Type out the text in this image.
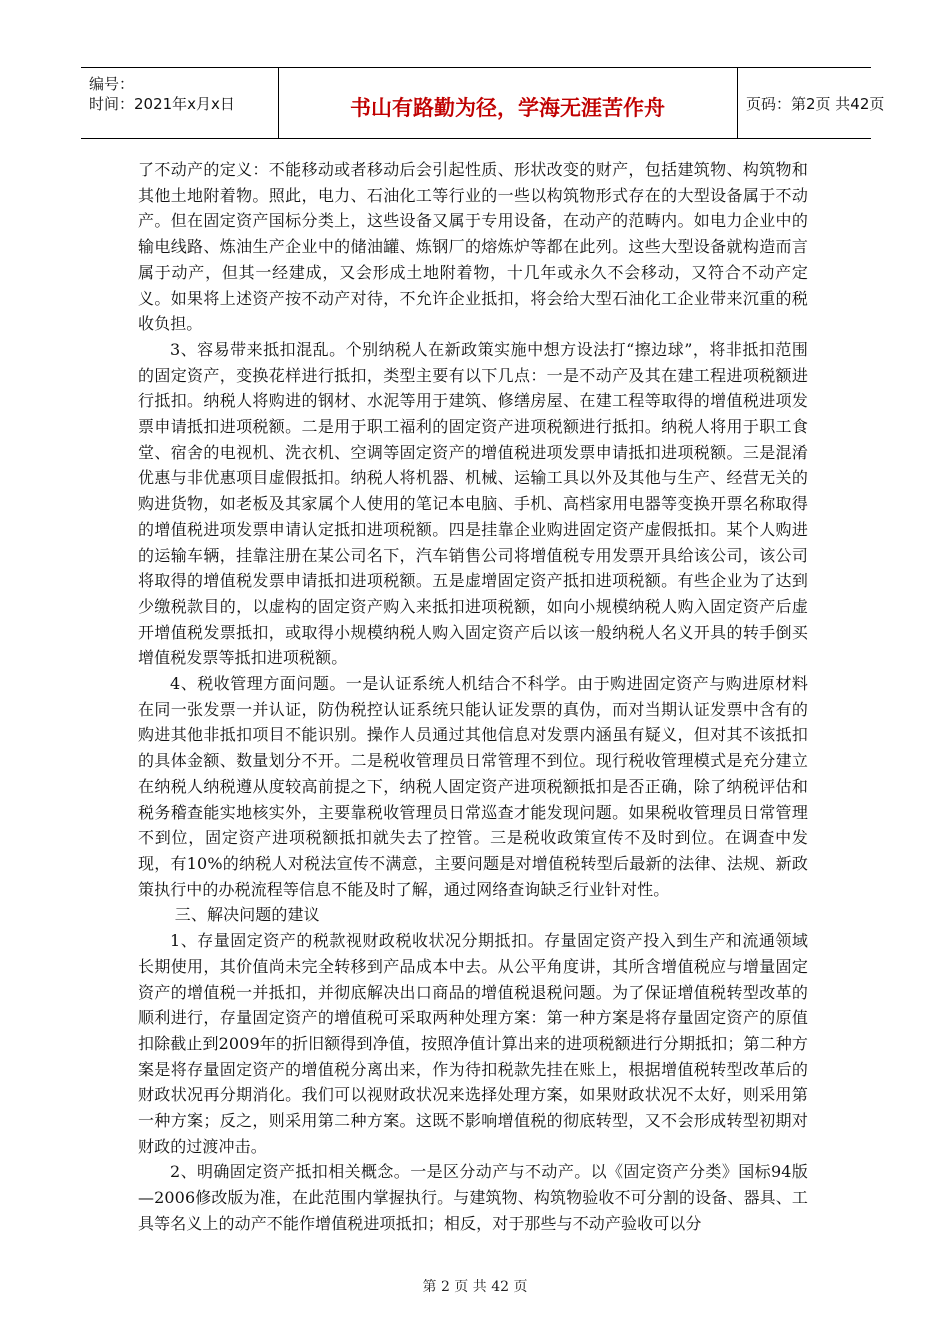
编号：
时间：2021年x月x日	书山有路勤为径，学海无涯苦作舟	页码：第2页 共42页

了不动产的定义：不能移动或者移动后会引起性质、形状改变的财产，包括建筑物、构筑物和其他土地附着物。照此，电力、石油化工等行业的一些以构筑物形式存在的大型设备属于不动产。但在固定资产国标分类上，这些设备又属于专用设备，在动产的范畴内。如电力企业中的输电线路、炼油生产企业中的储油罐、炼钢厂的熔炼炉等都在此列。这些大型设备就构造而言属于动产，但其一经建成，又会形成土地附着物，十几年或永久不会移动，又符合不动产定义。如果将上述资产按不动产对待，不允许企业抵扣，将会给大型石油化工企业带来沉重的税收负担。

3、容易带来抵扣混乱。个别纳税人在新政策实施中想方设法打“擦边球”，将非抵扣范围的固定资产，变换花样进行抵扣，类型主要有以下几点：一是不动产及其在建工程进项税额进行抵扣。纳税人将购进的钢材、水泥等用于建筑、修缮房屋、在建工程等取得的增值税进项发票申请抵扣进项税额。二是用于职工福利的固定资产进项税额进行抵扣。纳税人将用于职工食堂、宿舍的电视机、洗衣机、空调等固定资产的增值税进项发票申请抵扣进项税额。三是混淆优惠与非优惠项目虚假抵扣。纳税人将机器、机械、运输工具以外及其他与生产、经营无关的购进货物，如老板及其家属个人使用的笔记本电脑、手机、高档家用电器等变换开票名称取得的增值税进项发票申请认定抵扣进项税额。四是挂靠企业购进固定资产虚假抵扣。某个人购进的运输车辆，挂靠注册在某公司名下，汽车销售公司将增值税专用发票开具给该公司，该公司将取得的增值税发票申请抵扣进项税额。五是虚增固定资产抵扣进项税额。有些企业为了达到少缴税款目的，以虚构的固定资产购入来抵扣进项税额，如向小规模纳税人购入固定资产后虚开增值税发票抵扣，或取得小规模纳税人购入固定资产后以该一般纳税人名义开具的转手倒买增值税发票等抵扣进项税额。

4、税收管理方面问题。一是认证系统人机结合不科学。由于购进固定资产与购进原材料在同一张发票一并认证，防伪税控认证系统只能认证发票的真伪，而对当期认证发票中含有的购进其他非抵扣项目不能识别。操作人员通过其他信息对发票内涵虽有疑义，但对其不该抵扣的具体金额、数量划分不开。二是税收管理员日常管理不到位。现行税收管理模式是充分建立在纳税人纳税遵从度较高前提之下，纳税人固定资产进项税额抵扣是否正确，除了纳税评估和税务稽查能实地核实外，主要靠税收管理员日常巡查才能发现问题。如果税收管理员日常管理不到位，固定资产进项税额抵扣就失去了控管。三是税收政策宣传不及时到位。在调查中发现，有10%的纳税人对税法宣传不满意，主要问题是对增值税转型后最新的法律、法规、新政策执行中的办税流程等信息不能及时了解，通过网络查询缺乏行业针对性。

三、解决问题的建议

1、存量固定资产的税款视财政税收状况分期抵扣。存量固定资产投入到生产和流通领域长期使用，其价值尚未完全转移到产品成本中去。从公平角度讲，其所含增值税应与增量固定资产的增值税一并抵扣，并彻底解决出口商品的增值税退税问题。为了保证增值税转型改革的顺利进行，存量固定资产的增值税可采取两种处理方案：第一种方案是将存量固定资产的原值扣除截止到2009年的折旧额得到净值，按照净值计算出来的进项税额进行分期抵扣；第二种方案是将存量固定资产的增值税分离出来，作为待扣税款先挂在账上，根据增值税转型改革后的财政状况再分期消化。我们可以视财政状况来选择处理方案，如果财政状况不太好，则采用第一种方案；反之，则采用第二种方案。这既不影响增值税的彻底转型，又不会形成转型初期对财政的过渡冲击。

2、明确固定资产抵扣相关概念。一是区分动产与不动产。以《固定资产分类》国标94版—2006修改版为准，在此范围内掌握执行。与建筑物、构筑物验收不可分割的设备、器具、工具等名义上的动产不能作增值税进项抵扣；相反，对于那些与不动产验收可以分

第 2 页 共 42 页
